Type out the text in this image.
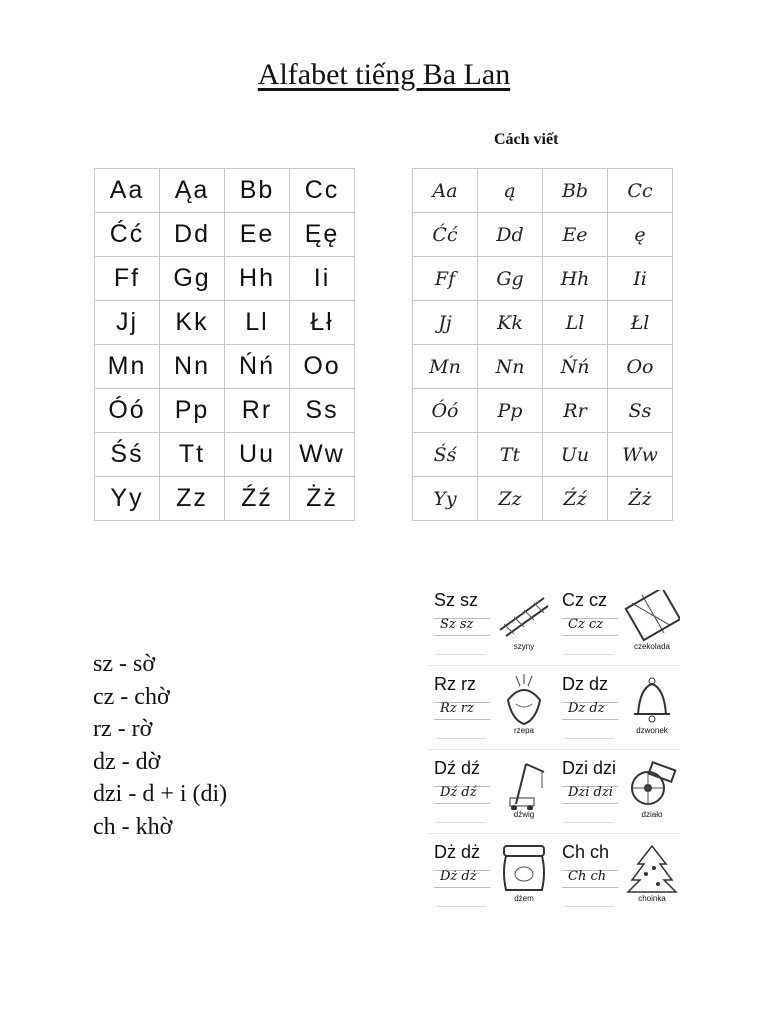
Alfabet tiếng Ba Lan
Cách viết
Aa	Ąa	Bb	Cc
Ćć	Dd	Ee	Ęę
Ff	Gg	Hh	Ii
Jj	Kk	Ll	Łł
Mn	Nn	Ńń	Oo
Óó	Pp	Rr	Ss
Śś	Tt	Uu	Ww
Yy	Zz	Źź	Żż
Aa	ą	Bb	Cc
Ćć	Dd	Ee	ę
Ff	Gg	Hh	Ii
Jj	Kk	Ll	Łl
Mn	Nn	Ńń	Oo
Óó	Pp	Rr	Ss
Śś	Tt	Uu	Ww
Yy	Zz	Źź	Żż
sz - sờ
cz - chờ
rz - rờ
dz - dờ
dzi - d + i (di)
ch - khờ
Sz sz
Sz sz
szyny
Cz cz
Cz cz
czekolada
Rz rz
Rz rz
rzepa
Dz dz
Dz dz
dzwonek
Dź dź
Dź dź
dźwig
Dzi dzi
Dzi dzi
działo
Dż dż
Dż dż
dżem
Ch ch
Ch ch
choinka
